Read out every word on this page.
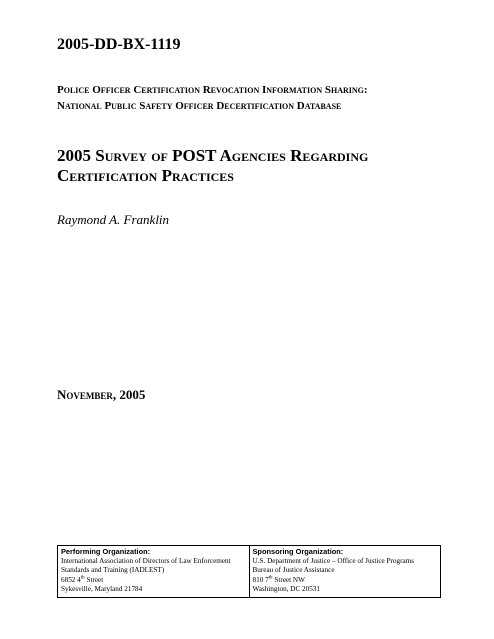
2005-DD-BX-1119
Police Officer Certification Revocation Information Sharing:
National Public Safety Officer Decertification Database
2005 Survey of POST Agencies Regarding
Certification Practices
Raymond A. Franklin
November, 2005
Performing Organization:
International Association of Directors of Law Enforcement
Standards and Training (IADLEST)
6852 4th Street
Sykesville, Maryland 21784
Sponsoring Organization:
U.S. Department of Justice – Office of Justice Programs
Bureau of Justice Assistance
810 7th Street NW
Washington, DC 20531
